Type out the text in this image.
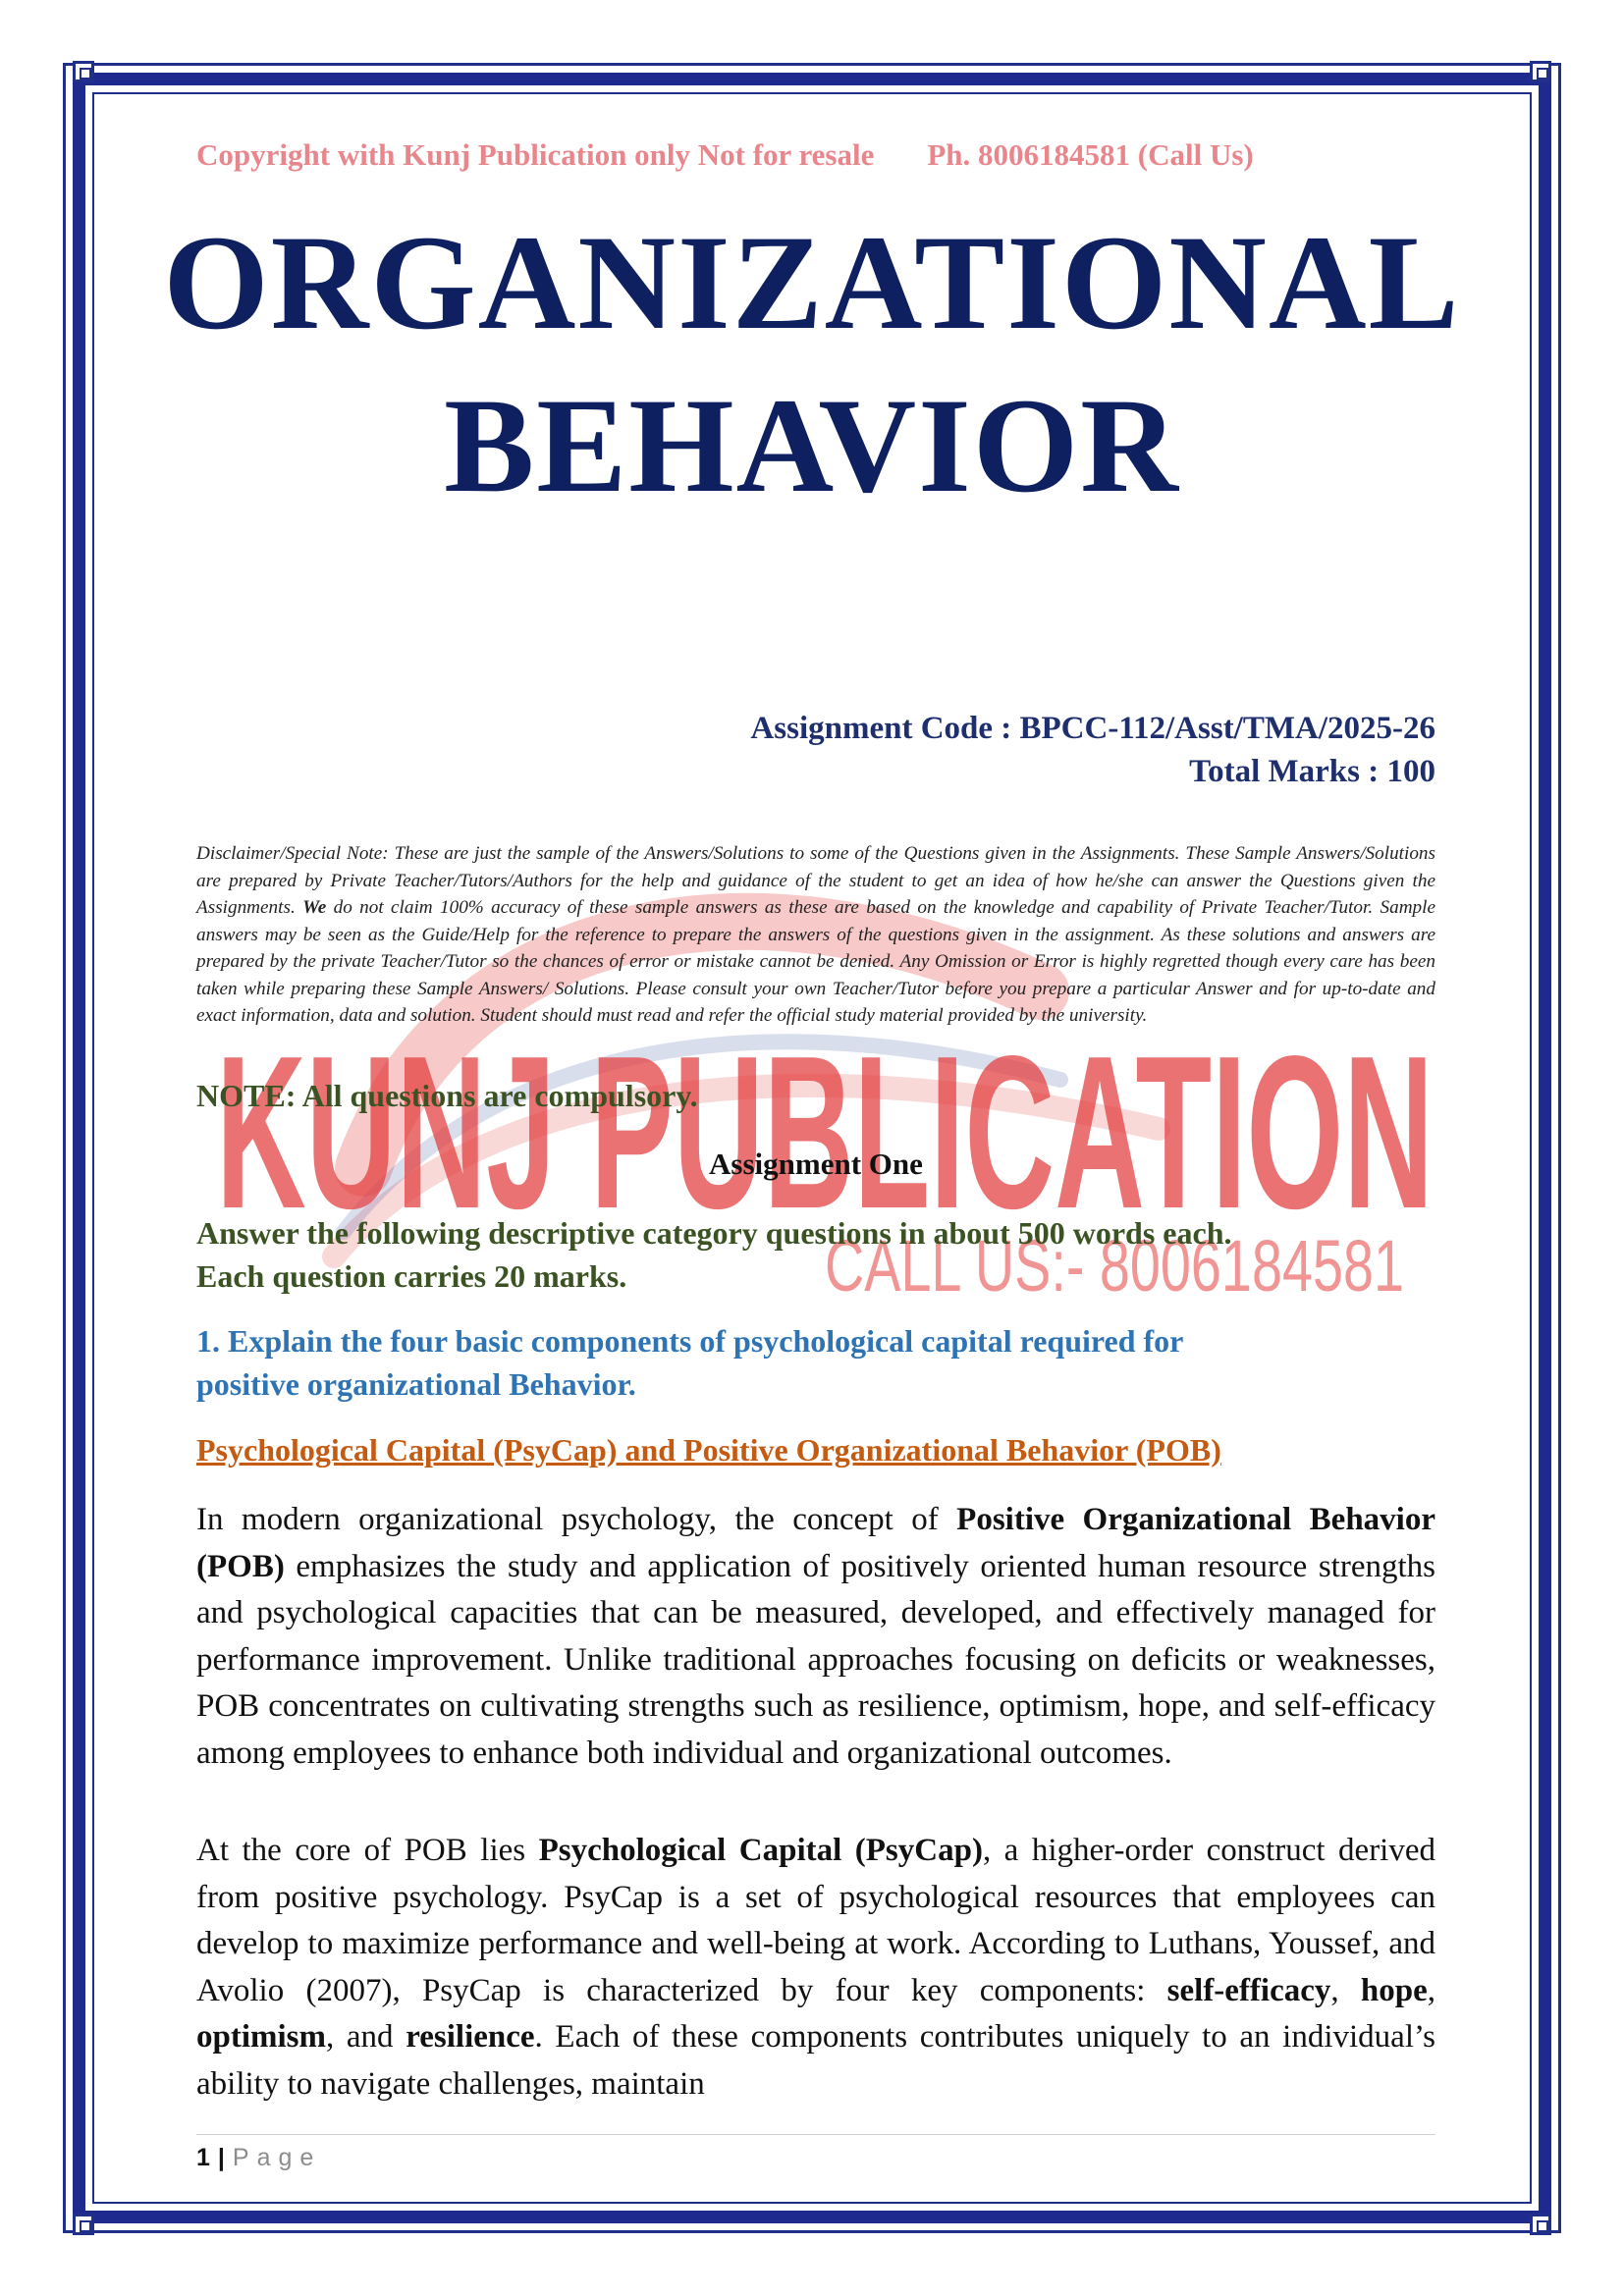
KUNJ PUBLICATION
CALL US:- 8006184581
Copyright with Kunj Publication only Not for resale Ph. 8006184581 (Call Us)
ORGANIZATIONAL
BEHAVIOR
Assignment Code : BPCC-112/Asst/TMA/2025-26
Total Marks : 100
Disclaimer/Special Note: These are just the sample of the Answers/Solutions to some of the Questions given in the Assignments. These Sample Answers/Solutions are prepared by Private Teacher/Tutors/Authors for the help and guidance of the student to get an idea of how he/she can answer the Questions given the Assignments. We do not claim 100% accuracy of these sample answers as these are based on the knowledge and capability of Private Teacher/Tutor. Sample answers may be seen as the Guide/Help for the reference to prepare the answers of the questions given in the assignment. As these solutions and answers are prepared by the private Teacher/Tutor so the chances of error or mistake cannot be denied. Any Omission or Error is highly regretted though every care has been taken while preparing these Sample Answers/ Solutions. Please consult your own Teacher/Tutor before you prepare a particular Answer and for up-to-date and exact information, data and solution. Student should must read and refer the official study material provided by the university.
NOTE: All questions are compulsory.
Assignment One
Answer the following descriptive category questions in about 500 words each.
Each question carries 20 marks.
1. Explain the four basic components of psychological capital required for
positive organizational Behavior.
Psychological Capital (PsyCap) and Positive Organizational Behavior (POB)
In modern organizational psychology, the concept of Positive Organizational Behavior (POB) emphasizes the study and application of positively oriented human resource strengths and psychological capacities that can be measured, developed, and effectively managed for performance improvement. Unlike traditional approaches focusing on deficits or weaknesses, POB concentrates on cultivating strengths such as resilience, optimism, hope, and self-efficacy among employees to enhance both individual and organizational outcomes.
At the core of POB lies Psychological Capital (PsyCap), a higher-order construct derived from positive psychology. PsyCap is a set of psychological resources that employees can develop to maximize performance and well-being at work. According to Luthans, Youssef, and Avolio (2007), PsyCap is characterized by four key components: self-efficacy, hope, optimism, and resilience. Each of these components contributes uniquely to an individual’s ability to navigate challenges, maintain
1 | Page
